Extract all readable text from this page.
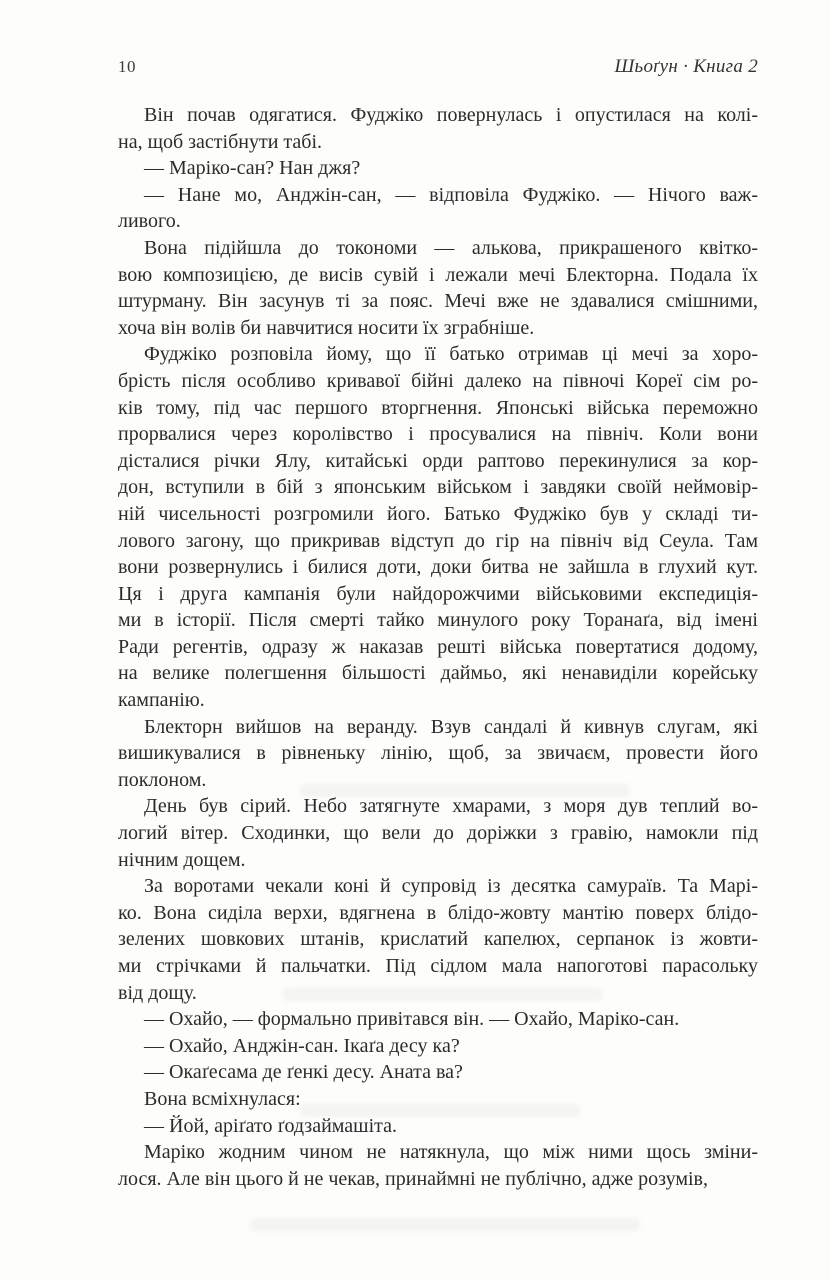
10	Шьоґун · Книга 2

Він почав одягатися. Фуджіко повернулась і опустилася на колі-
на, щоб застібнути табі.

— Маріко-сан? Нан джя?

— Нане мо, Анджін-сан, — відповіла Фуджіко. — Нічого важ-
ливого.

Вона підійшла до токономи — алькова, прикрашеного квітко-
вою композицією, де висів сувій і лежали мечі Блекторна. Подала їх
штурману. Він засунув ті за пояс. Мечі вже не здавалися смішними,
хоча він волів би навчитися носити їх зграбніше.

Фуджіко розповіла йому, що її батько отримав ці мечі за хоро-
брість після особливо кривавої бійні далеко на півночі Кореї сім ро-
ків тому, під час першого вторгнення. Японські війська переможно
прорвалися через королівство і просувалися на північ. Коли вони
дісталися річки Ялу, китайські орди раптово перекинулися за кор-
дон, вступили в бій з японським військом і завдяки своїй неймовір-
ній чисельності розгромили його. Батько Фуджіко був у складі ти-
лового загону, що прикривав відступ до гір на північ від Сеула. Там
вони розвернулись і билися доти, доки битва не зайшла в глухий кут.
Ця і друга кампанія були найдорожчими військовими експедиція-
ми в історії. Після смерті тайко минулого року Торанаґа, від імені
Ради регентів, одразу ж наказав решті війська повертатися додому,
на велике полегшення більшості даймьо, які ненавиділи корейську
кампанію.

Блекторн вийшов на веранду. Взув сандалі й кивнув слугам, які
вишикувалися в рівненьку лінію, щоб, за звичаєм, провести його
поклоном.

День був сірий. Небо затягнуте хмарами, з моря дув теплий во-
логий вітер. Сходинки, що вели до доріжки з гравію, намокли під
нічним дощем.

За воротами чекали коні й супровід із десятка самураїв. Та Марі-
ко. Вона сиділа верхи, вдягнена в блідо-жовту мантію поверх блідо-
зелених шовкових штанів, крислатий капелюх, серпанок із жовти-
ми стрічками й пальчатки. Під сідлом мала напоготові парасольку
від дощу.

— Охайо, — формально привітався він. — Охайо, Маріко-сан.

— Охайо, Анджін-сан. Ікаґа десу ка?

— Окаґесама де ґенкі десу. Аната ва?

Вона всміхнулася:

— Йой, аріґато ґодзаймашіта.

Маріко жодним чином не натякнула, що між ними щось зміни-
лося. Але він цього й не чекав, принаймні не публічно, адже розумів,
